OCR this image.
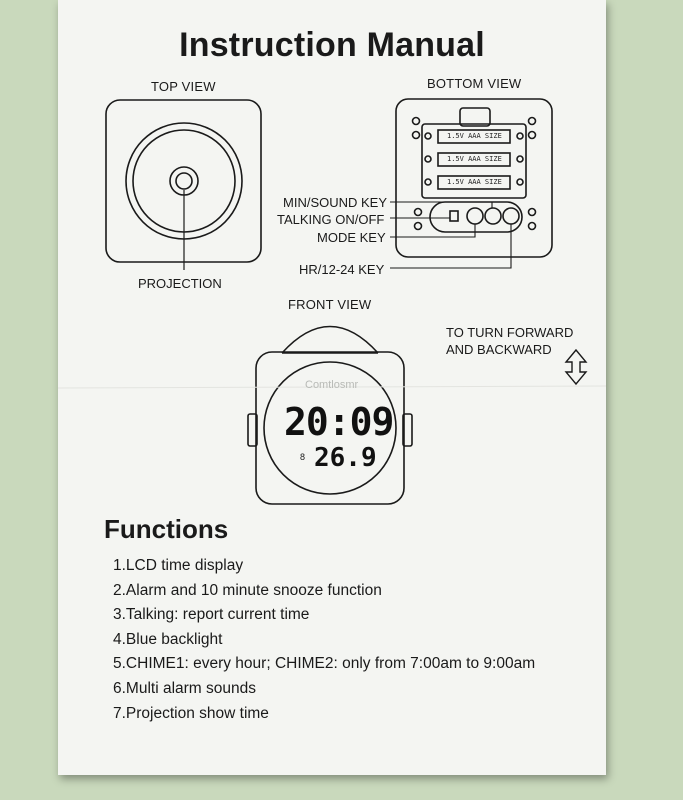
Instruction Manual
TOP VIEW	BOTTOM VIEW
FRONT VIEW
PROJECTION
1.5V AAA SIZE
1.5V AAA SIZE
1.5V AAA SIZE
MIN/SOUND KEY
TALKING ON/OFF
MODE KEY
HR/12-24 KEY
TO TURN FORWARD
AND BACKWARD
Comtlosmr
20:09
8 26.9
Functions
1.LCD time display
2.Alarm and 10 minute snooze function
3.Talking: report current time
4.Blue backlight
5.CHIME1: every hour; CHIME2: only from 7:00am to 9:00am
6.Multi alarm sounds
7.Projection show time
